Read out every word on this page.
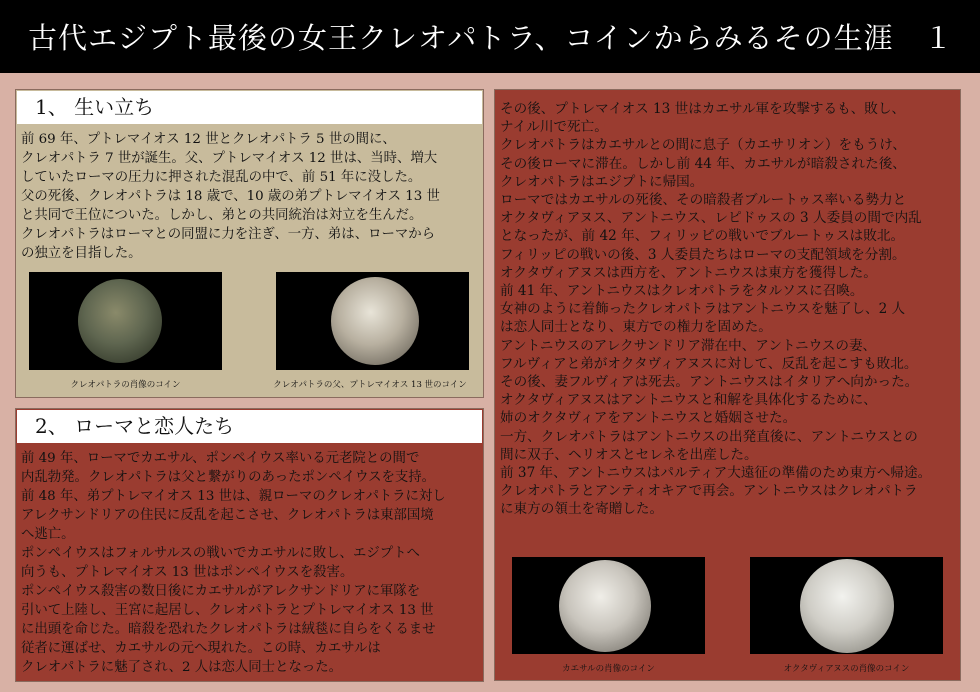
古代エジプト最後の女王クレオパトラ、コインからみるその生涯　１
1、 生い立ち
前 69 年、プトレマイオス 12 世とクレオパトラ 5 世の間に、
クレオパトラ 7 世が誕生。父、プトレマイオス 12 世は、当時、増大
していたローマの圧力に押された混乱の中で、前 51 年に没した。
父の死後、クレオパトラは 18 歳で、10 歳の弟プトレマイオス 13 世
と共同で王位についた。しかし、弟との共同統治は対立を生んだ。
クレオパトラはローマとの同盟に力を注ぎ、一方、弟は、ローマから
の独立を目指した。
クレオパトラの肖像のコイン	クレオパトラの父、プトレマイオス 13 世のコイン
2、 ローマと恋人たち
前 49 年、ローマでカエサル、ポンペイウス率いる元老院との間で
内乱勃発。クレオパトラは父と繋がりのあったポンペイウスを支持。
前 48 年、弟プトレマイオス 13 世は、親ローマのクレオパトラに対し
アレクサンドリアの住民に反乱を起こさせ、クレオパトラは東部国境
へ逃亡。
ポンペイウスはフォルサルスの戦いでカエサルに敗し、エジプトへ
向うも、プトレマイオス 13 世はポンペイウスを殺害。
ポンペイウス殺害の数日後にカエサルがアレクサンドリアに軍隊を
引いて上陸し、王宮に起居し、クレオパトラとプトレマイオス 13 世
に出頭を命じた。暗殺を恐れたクレオパトラは絨毯に自らをくるませ
従者に運ばせ、カエサルの元へ現れた。この時、カエサルは
クレオパトラに魅了され、2 人は恋人同士となった。
その後、プトレマイオス 13 世はカエサル軍を攻撃するも、敗し、
ナイル川で死亡。
クレオパトラはカエサルとの間に息子（カエサリオン）をもうけ、
その後ローマに滞在。しかし前 44 年、カエサルが暗殺された後、
クレオパトラはエジプトに帰国。
ローマではカエサルの死後、その暗殺者ブルートゥス率いる勢力と
オクタヴィアヌス、アントニウス、レピドゥスの 3 人委員の間で内乱
となったが、前 42 年、フィリッピの戦いでブルートゥスは敗北。
フィリッピの戦いの後、3 人委員たちはローマの支配領域を分割。
オクタヴィアヌスは西方を、アントニウスは東方を獲得した。
前 41 年、アントニウスはクレオパトラをタルソスに召喚。
女神のように着飾ったクレオパトラはアントニウスを魅了し、2 人
は恋人同士となり、東方での権力を固めた。
アントニウスのアレクサンドリア滞在中、アントニウスの妻、
フルヴィアと弟がオクタヴィアヌスに対して、反乱を起こすも敗北。
その後、妻フルヴィアは死去。アントニウスはイタリアへ向かった。
オクタヴィアヌスはアントニウスと和解を具体化するために、
姉のオクタヴィアをアントニウスと婚姻させた。
一方、クレオパトラはアントニウスの出発直後に、アントニウスとの
間に双子、ヘリオスとセレネを出産した。
前 37 年、アントニウスはパルティア大遠征の準備のため東方へ帰途。
クレオパトラとアンティオキアで再会。アントニウスはクレオパトラ
に東方の領土を寄贈した。
カエサルの肖像のコイン	オクタヴィアヌスの肖像のコイン
